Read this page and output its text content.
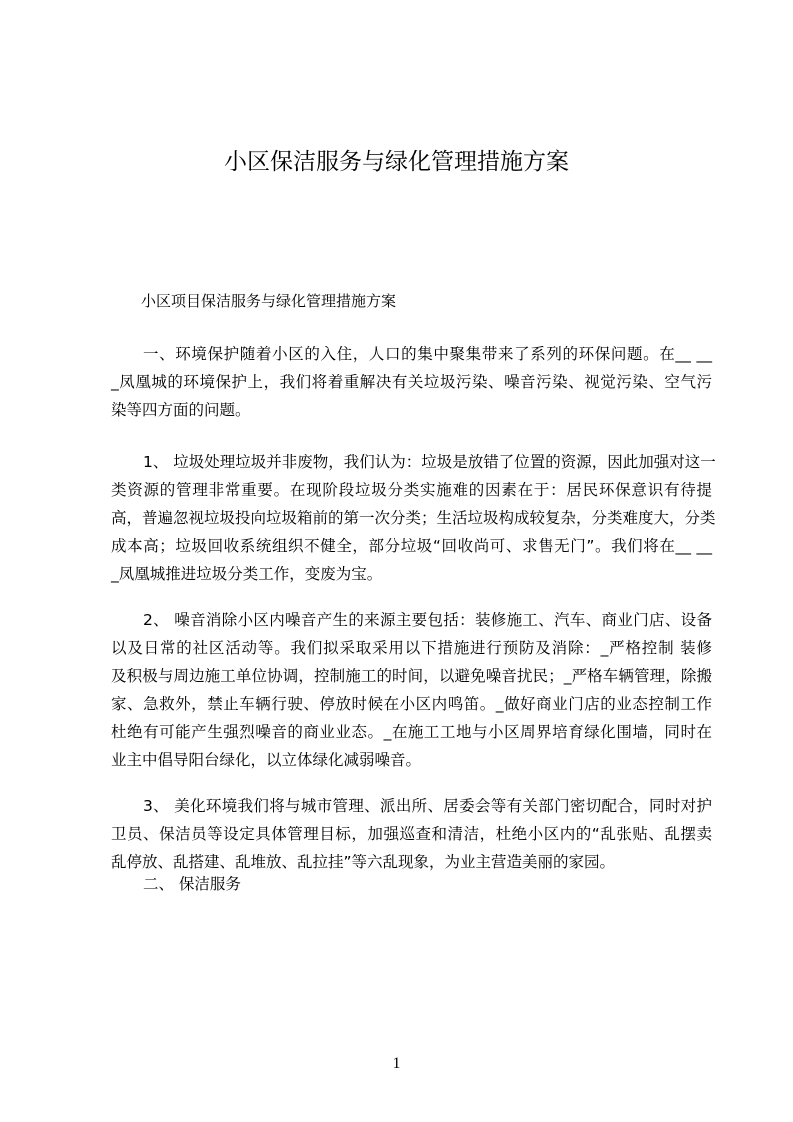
小区保洁服务与绿化管理措施方案
小区项目保洁服务与绿化管理措施方案
一、环境保护随着小区的入住，人口的集中聚集带来了系列的环保问题。在__ __
_凤凰城的环境保护上，我们将着重解决有关垃圾污染、噪音污染、视觉污染、空气污
染等四方面的问题。
1、 垃圾处理垃圾并非废物，我们认为：垃圾是放错了位置的资源，因此加强对这一
类资源的管理非常重要。在现阶段垃圾分类实施难的因素在于：居民环保意识有待提
高，普遍忽视垃圾投向垃圾箱前的第一次分类；生活垃圾构成较复杂，分类难度大，分类
成本高；垃圾回收系统组织不健全，部分垃圾“回收尚可、求售无门”。我们将在__ __
_凤凰城推进垃圾分类工作，变废为宝。
2、 噪音消除小区内噪音产生的来源主要包括：装修施工、汽车、商业门店、设备
以及日常的社区活动等。我们拟采取采用以下措施进行预防及消除：_严格控制 装修
及积极与周边施工单位协调，控制施工的时间，以避免噪音扰民；_严格车辆管理，除搬
家、急救外，禁止车辆行驶、停放时候在小区内鸣笛。_做好商业门店的业态控制工作
杜绝有可能产生强烈噪音的商业业态。_在施工工地与小区周界培育绿化围墙，同时在
业主中倡导阳台绿化，以立体绿化减弱噪音。
3、 美化环境我们将与城市管理、派出所、居委会等有关部门密切配合，同时对护
卫员、保洁员等设定具体管理目标，加强巡查和清洁，杜绝小区内的“乱张贴、乱摆卖
乱停放、乱搭建、乱堆放、乱拉挂”等六乱现象，为业主营造美丽的家园。
二、 保洁服务
1
